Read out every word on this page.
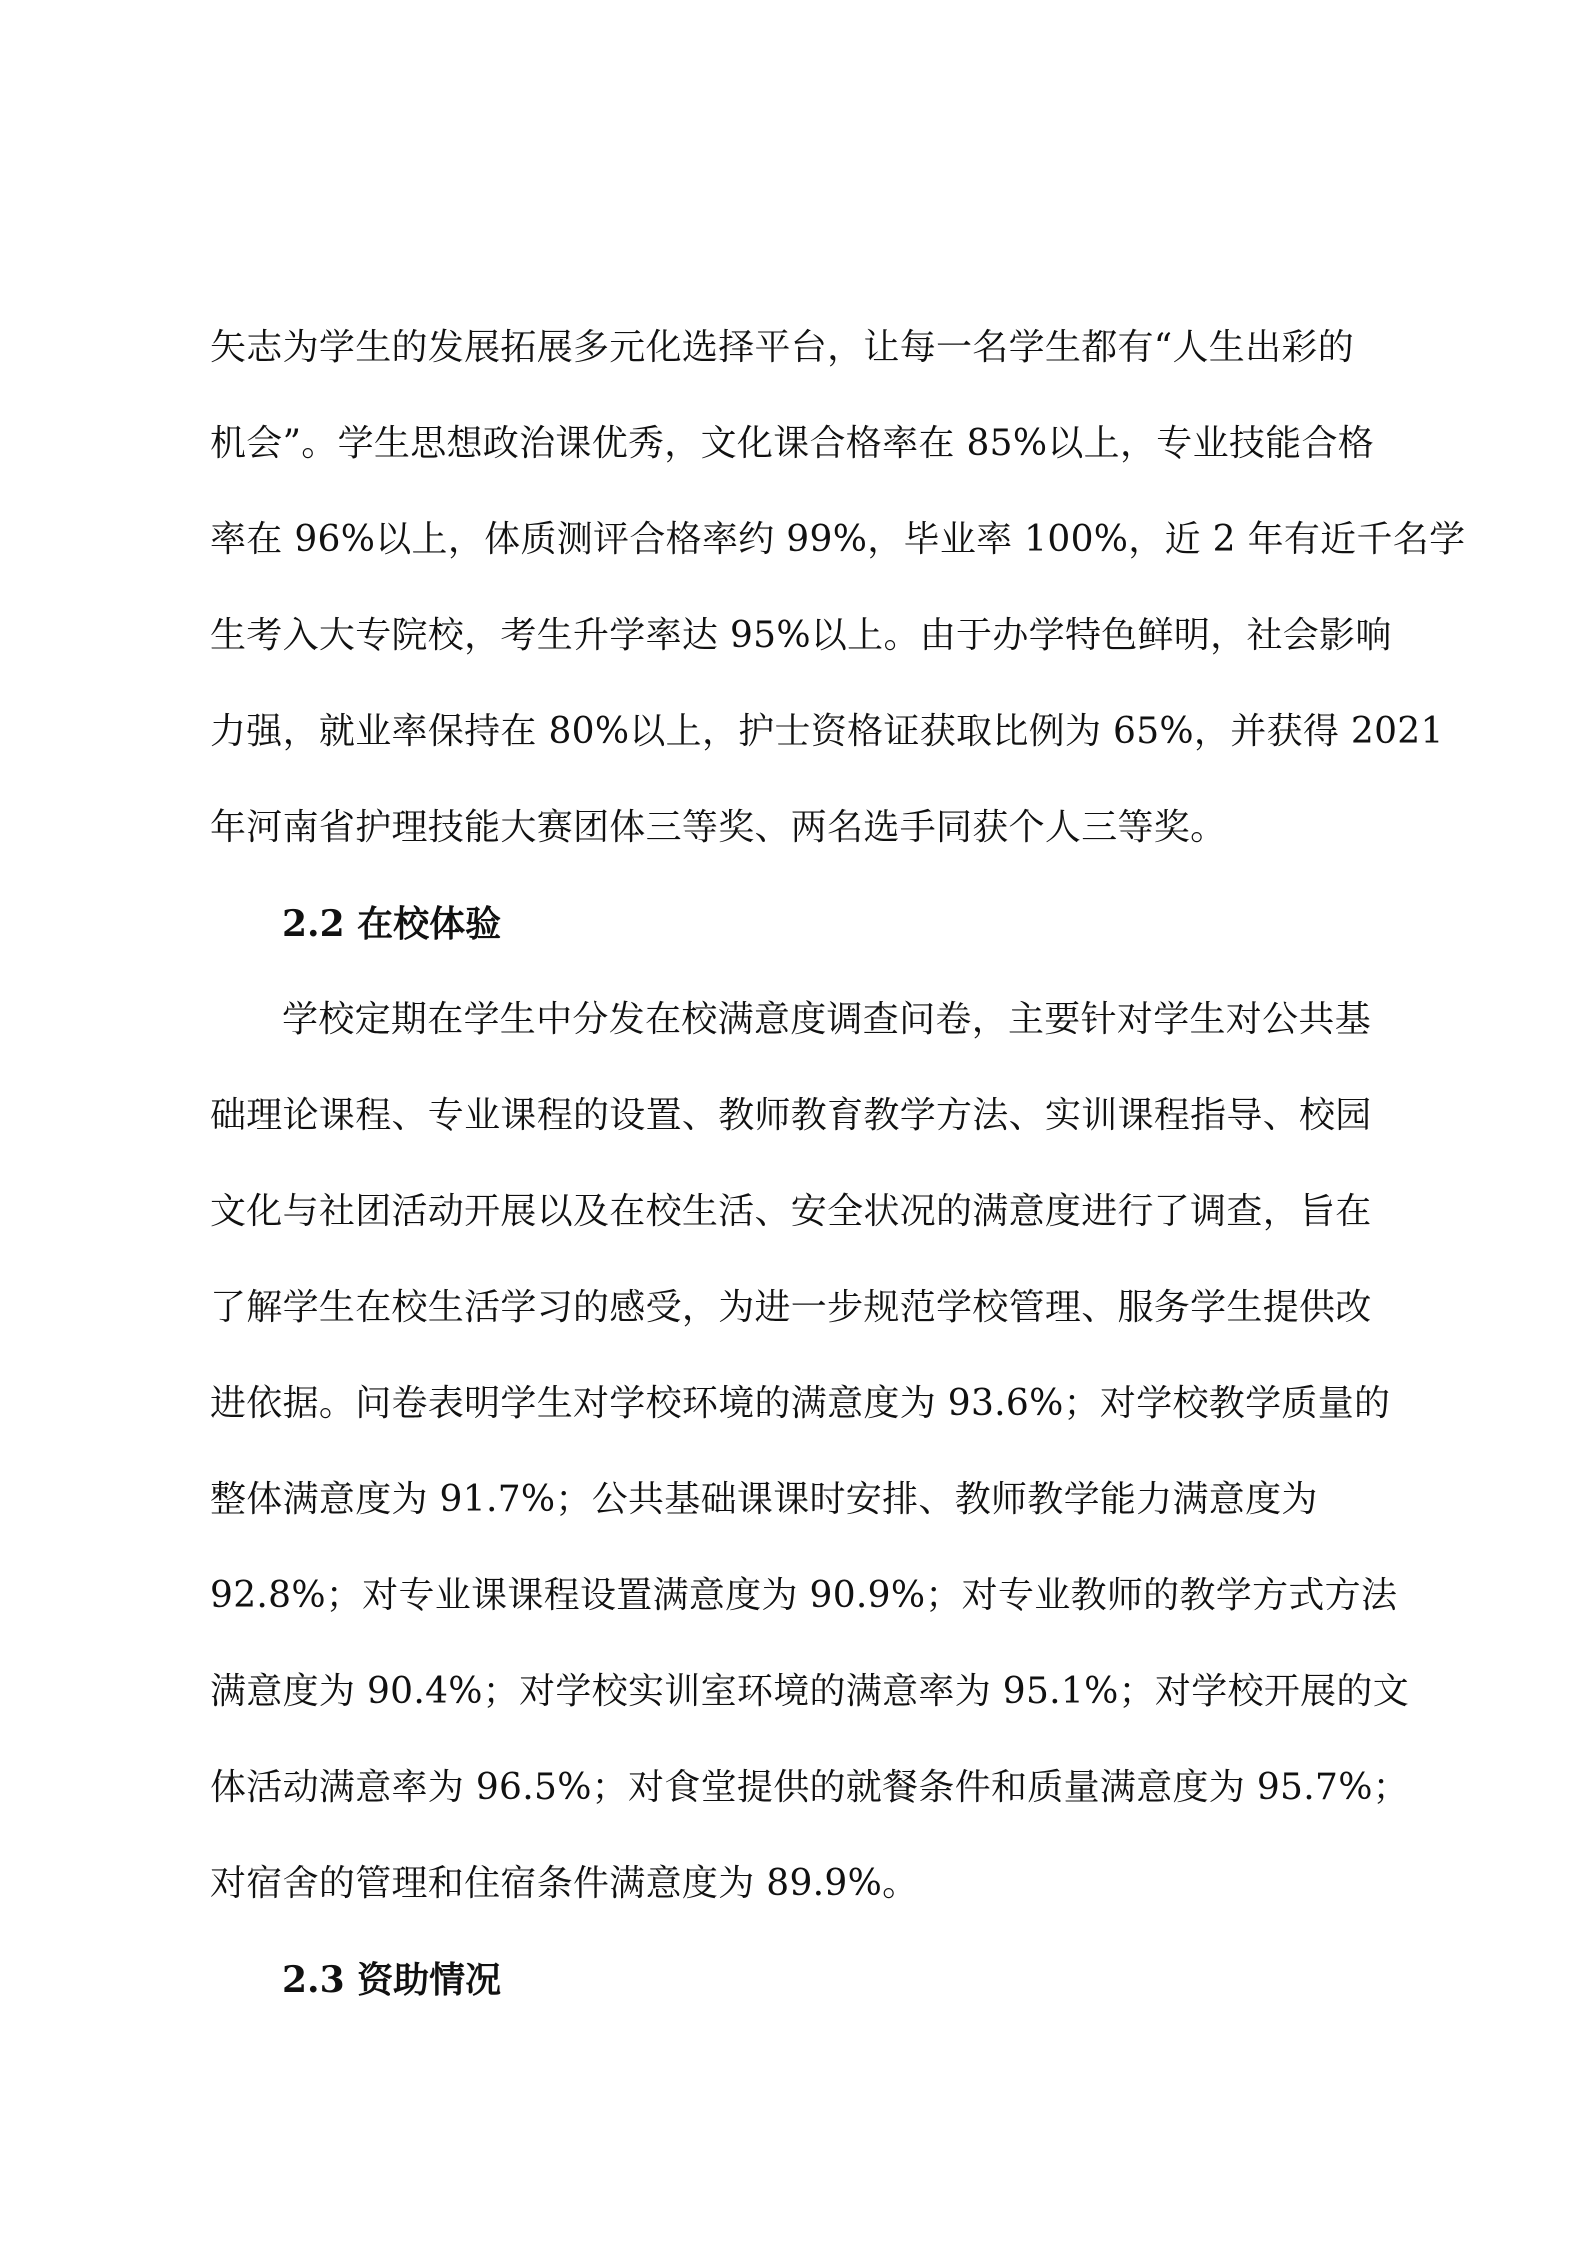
矢志为学生的发展拓展多元化选择平台，让每一名学生都有“人生出彩的
机会”。学生思想政治课优秀，文化课合格率在 85%以上，专业技能合格
率在 96%以上，体质测评合格率约 99%，毕业率 100%，近 2 年有近千名学
生考入大专院校，考生升学率达 95%以上。由于办学特色鲜明，社会影响
力强，就业率保持在 80%以上，护士资格证获取比例为 65%，并获得 2021
年河南省护理技能大赛团体三等奖、两名选手同获个人三等奖。
2.2 在校体验
学校定期在学生中分发在校满意度调查问卷，主要针对学生对公共基
础理论课程、专业课程的设置、教师教育教学方法、实训课程指导、校园
文化与社团活动开展以及在校生活、安全状况的满意度进行了调查，旨在
了解学生在校生活学习的感受，为进一步规范学校管理、服务学生提供改
进依据。问卷表明学生对学校环境的满意度为 93.6%；对学校教学质量的
整体满意度为 91.7%；公共基础课课时安排、教师教学能力满意度为
92.8%；对专业课课程设置满意度为 90.9%；对专业教师的教学方式方法
满意度为 90.4%；对学校实训室环境的满意率为 95.1%；对学校开展的文
体活动满意率为 96.5%；对食堂提供的就餐条件和质量满意度为 95.7%；
对宿舍的管理和住宿条件满意度为 89.9%。
2.3 资助情况
